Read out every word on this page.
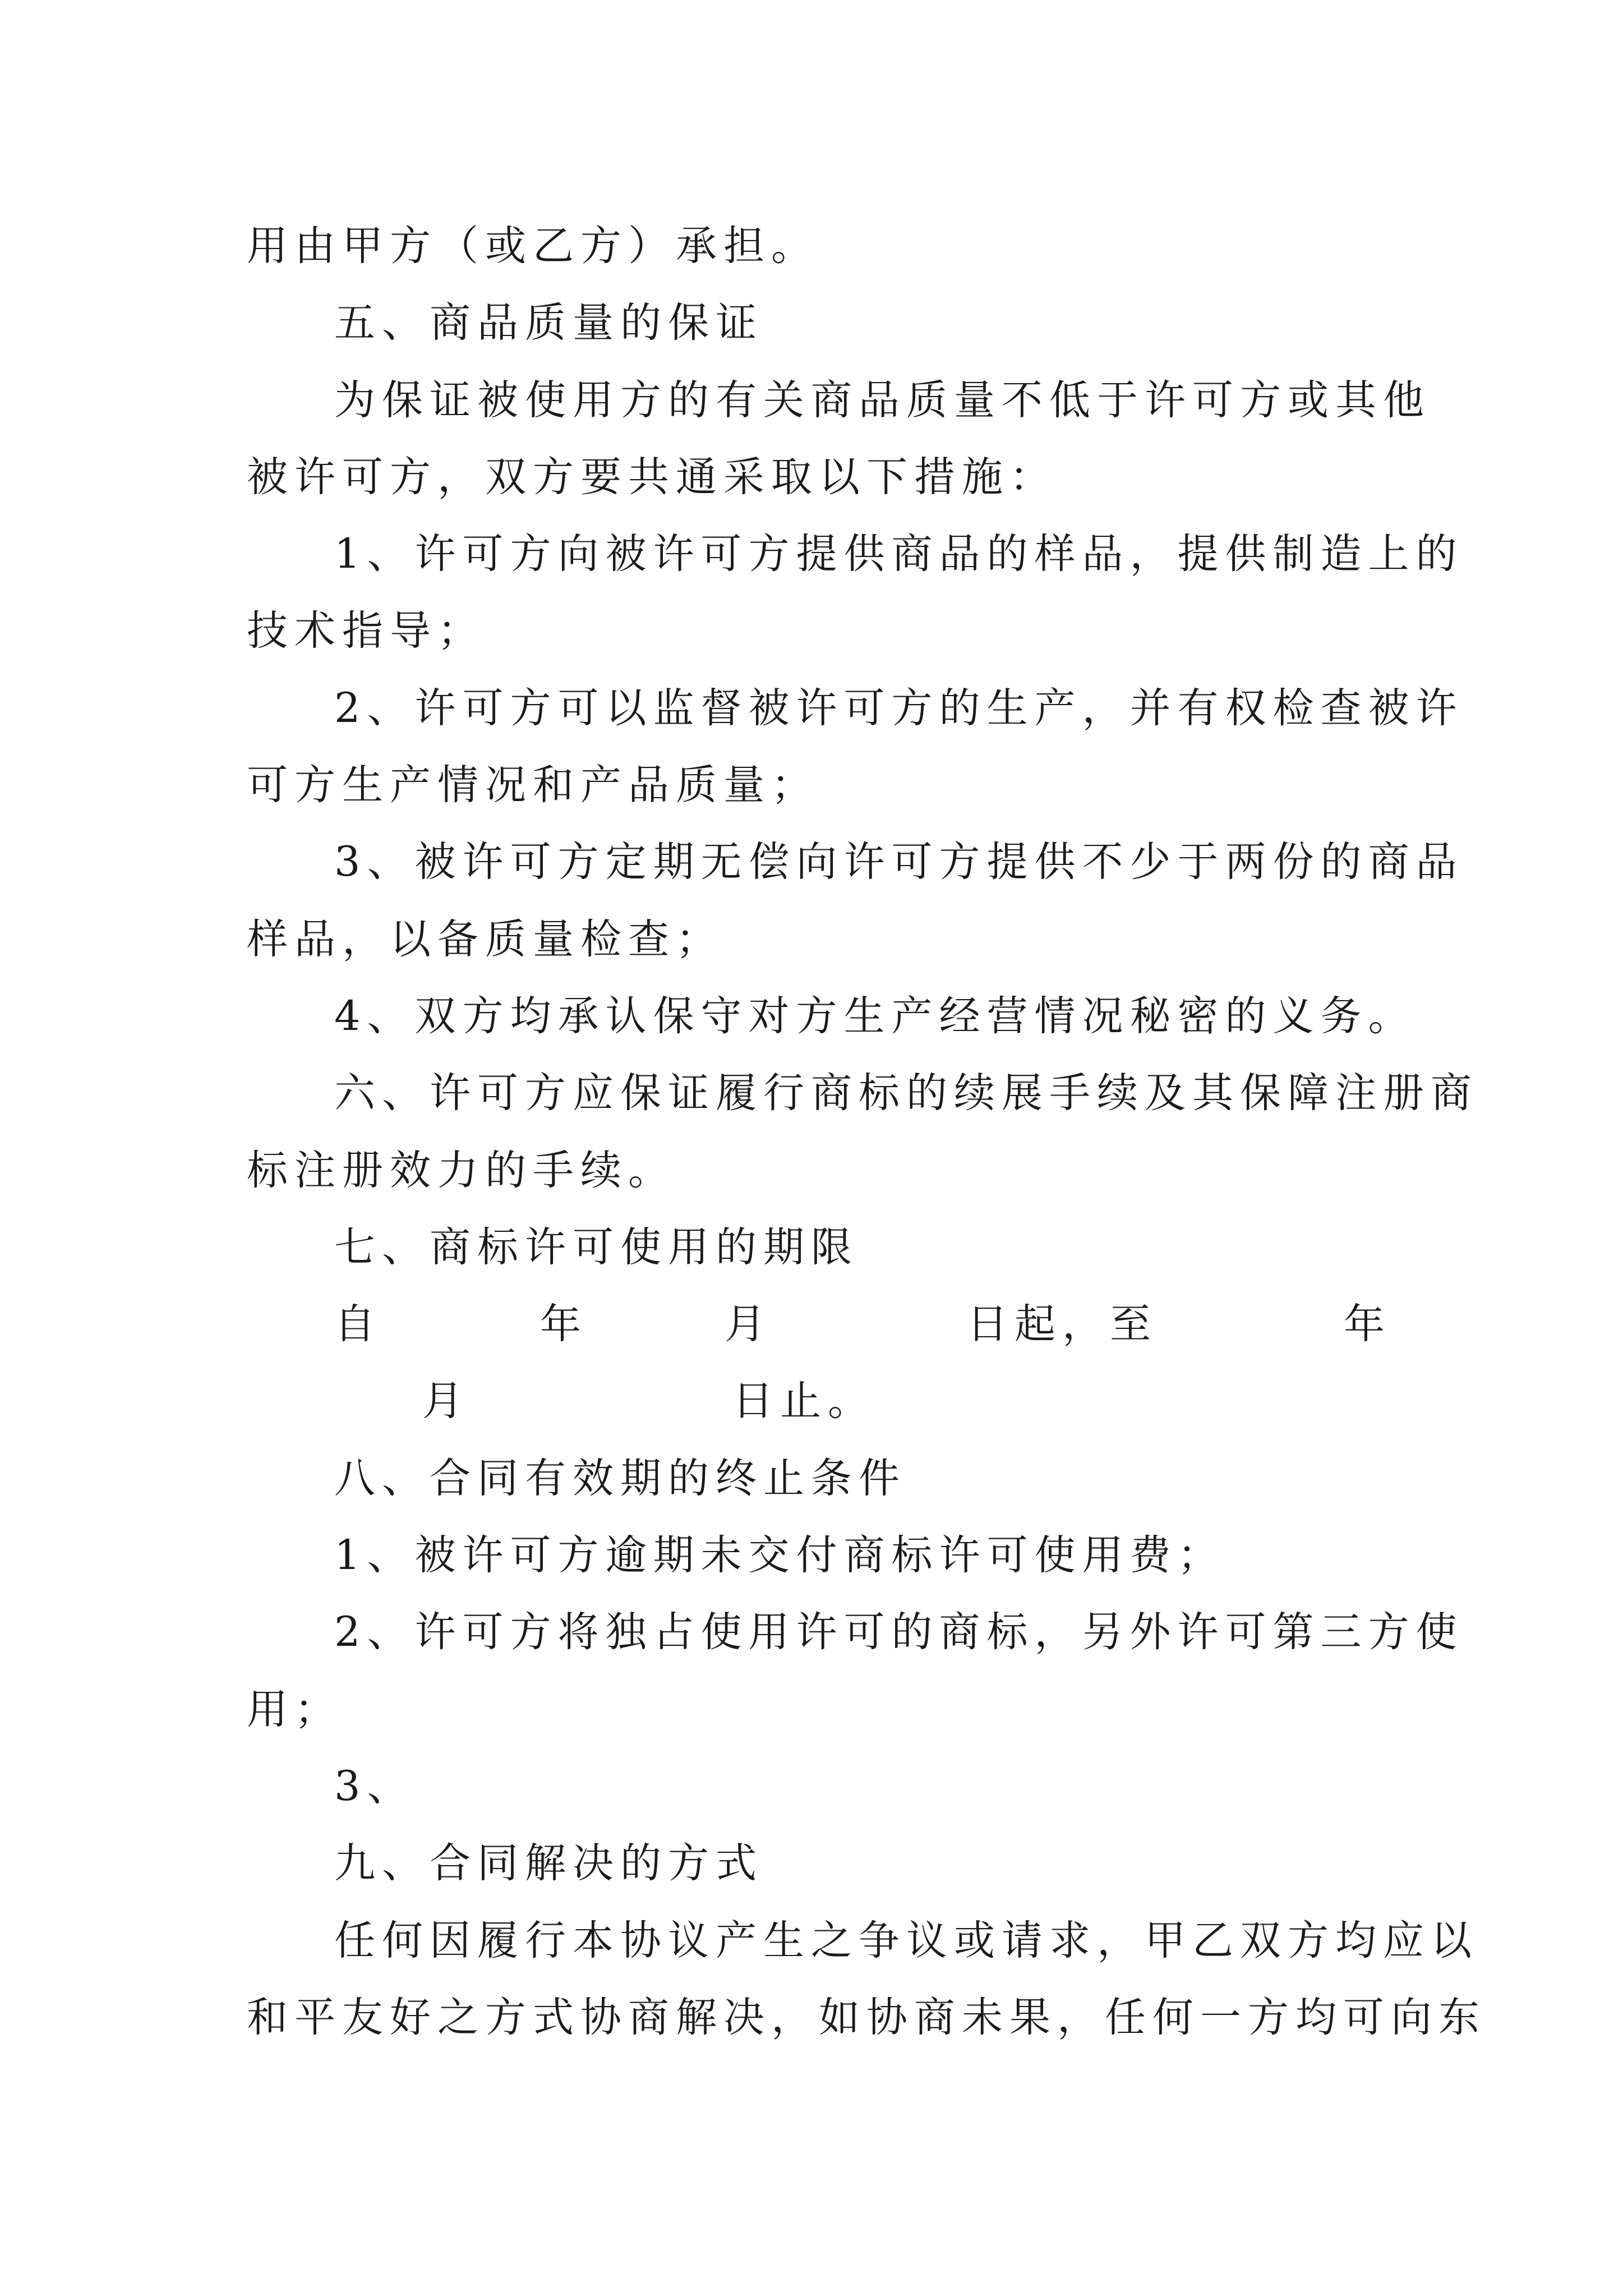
用由甲方（或乙方）承担。
五、商品质量的保证
为保证被使用方的有关商品质量不低于许可方或其他
被许可方，双方要共通采取以下措施：
1、许可方向被许可方提供商品的样品，提供制造上的
技术指导；
2、许可方可以监督被许可方的生产，并有权检查被许
可方生产情况和产品质量；
3、被许可方定期无偿向许可方提供不少于两份的商品
样品，以备质量检查；
4、双方均承认保守对方生产经营情况秘密的义务。
六、许可方应保证履行商标的续展手续及其保障注册商
标注册效力的手续。
七、商标许可使用的期限
自	年	月	日起，至	年
月	日止。
八、合同有效期的终止条件
1、被许可方逾期未交付商标许可使用费；
2、许可方将独占使用许可的商标，另外许可第三方使
用；
3、
九、合同解决的方式
任何因履行本协议产生之争议或请求，甲乙双方均应以
和平友好之方式协商解决，如协商未果，任何一方均可向东
